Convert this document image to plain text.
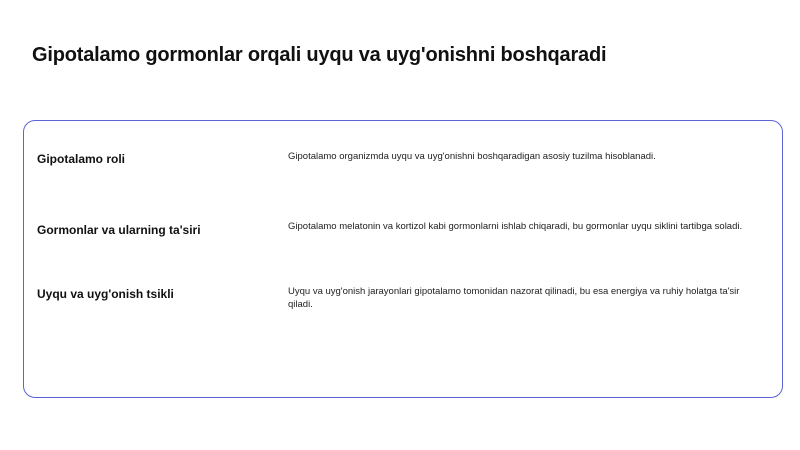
Gipotalamo gormonlar orqali uyqu va uyg'onishni boshqaradi
Gipotalamo roli	Gipotalamo organizmda uyqu va uyg'onishni boshqaradigan asosiy tuzilma hisoblanadi.
Gormonlar va ularning ta'siri	Gipotalamo melatonin va kortizol kabi gormonlarni ishlab chiqaradi, bu gormonlar uyqu siklini tartibga soladi.
Uyqu va uyg'onish tsikli	Uyqu va uyg'onish jarayonlari gipotalamo tomonidan nazorat qilinadi, bu esa energiya va ruhiy holatga ta'sir qiladi.
